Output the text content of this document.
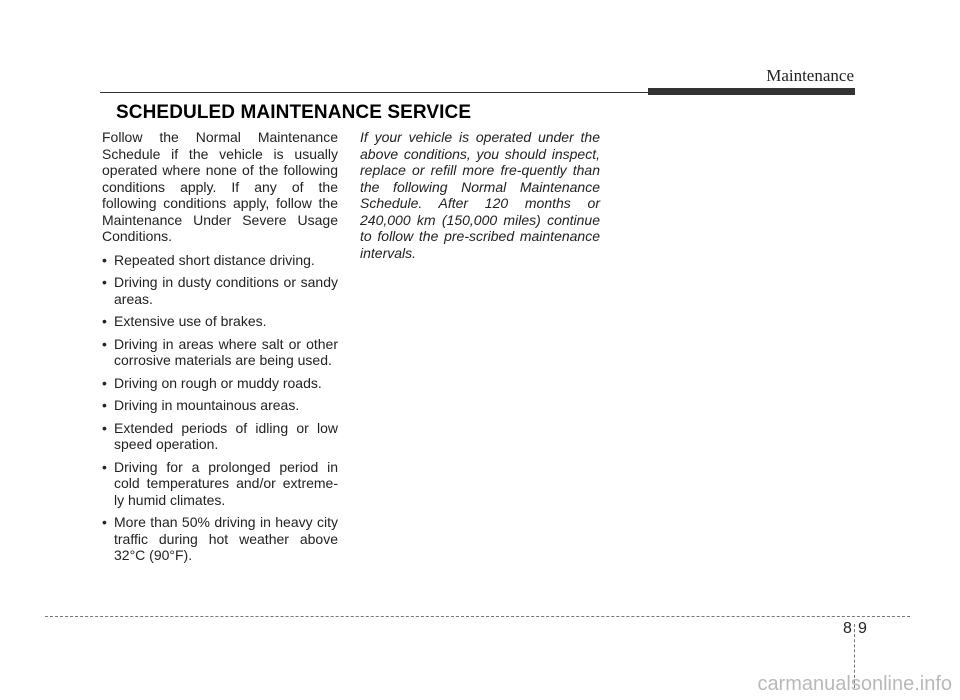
Maintenance
SCHEDULED MAINTENANCE SERVICE

Follow the Normal Maintenance Schedule if the vehicle is usually operated where none of the following conditions apply. If any of the following conditions apply, follow the Maintenance Under Severe Usage Conditions.

• Repeated short distance driving.
• Driving in dusty conditions or sandy areas.
• Extensive use of brakes.
• Driving in areas where salt or other corrosive materials are being used.
• Driving on rough or muddy roads.
• Driving in mountainous areas.
• Extended periods of idling or low speed operation.
• Driving for a prolonged period in cold temperatures and/or extreme-ly humid climates.
• More than 50% driving in heavy city traffic during hot weather above 32°C (90°F).

If your vehicle is operated under the above conditions, you should inspect, replace or refill more fre-quently than the following Normal Maintenance Schedule. After 120 months or 240,000 km (150,000 miles) continue to follow the pre-scribed maintenance intervals.

8 9
carmanualsonline.info
